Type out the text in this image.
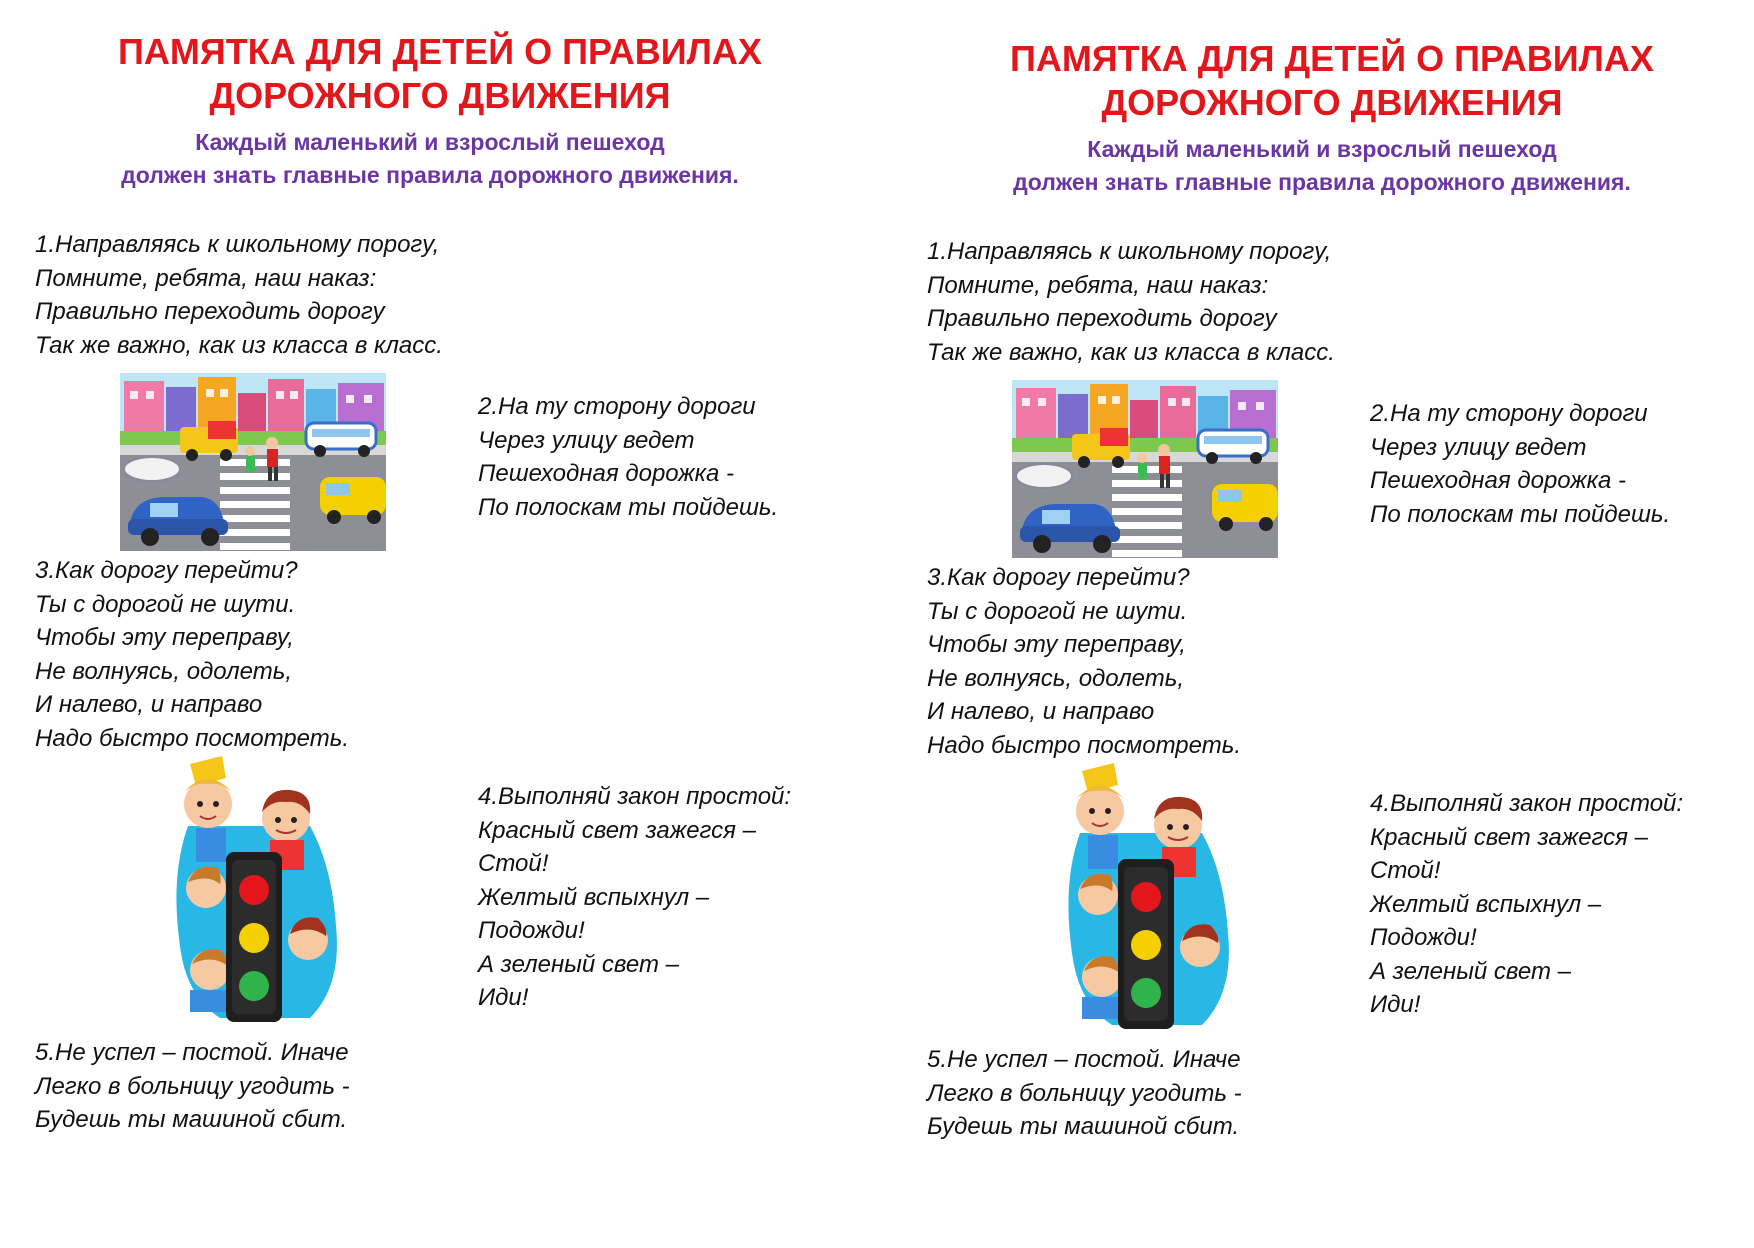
ПАМЯТКА ДЛЯ ДЕТЕЙ О ПРАВИЛАХ
ДОРОЖНОГО ДВИЖЕНИЯ
Каждый маленький и взрослый пешеход
должен знать главные правила дорожного движения.
1.Направляясь к школьному порогу,
Помните, ребята, наш наказ:
Правильно переходить дорогу
Так же важно, как из класса в класс.
2.На ту сторону дороги
Через улицу ведет
Пешеходная дорожка -
По полоскам ты пойдешь.
3.Как дорогу перейти?
Ты с дорогой не шути.
Чтобы эту переправу,
Не волнуясь, одолеть,
И налево, и направо
Надо быстро посмотреть.
4.Выполняй закон простой:
Красный свет зажегся –
Стой!
Желтый вспыхнул –
Подожди!
А зеленый свет –
Иди!
5.Не успел – постой. Иначе
Легко в больницу угодить -
Будешь ты машиной сбит.
ПАМЯТКА ДЛЯ ДЕТЕЙ О ПРАВИЛАХ
ДОРОЖНОГО ДВИЖЕНИЯ
Каждый маленький и взрослый пешеход
должен знать главные правила дорожного движения.
1.Направляясь к школьному порогу,
Помните, ребята, наш наказ:
Правильно переходить дорогу
Так же важно, как из класса в класс.
2.На ту сторону дороги
Через улицу ведет
Пешеходная дорожка -
По полоскам ты пойдешь.
3.Как дорогу перейти?
Ты с дорогой не шути.
Чтобы эту переправу,
Не волнуясь, одолеть,
И налево, и направо
Надо быстро посмотреть.
4.Выполняй закон простой:
Красный свет зажегся –
Стой!
Желтый вспыхнул –
Подожди!
А зеленый свет –
Иди!
5.Не успел – постой. Иначе
Легко в больницу угодить -
Будешь ты машиной сбит.
